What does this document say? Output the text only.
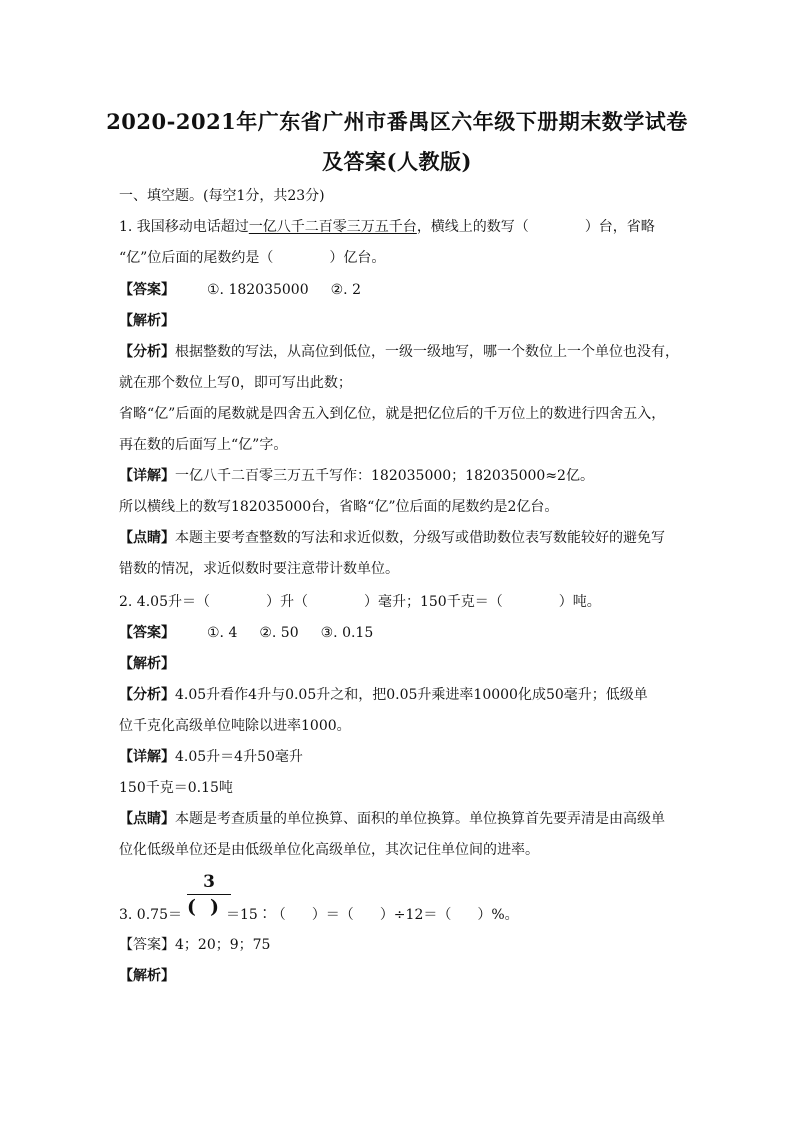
2020-2021年广东省广州市番禺区六年级下册期末数学试卷
及答案(人教版)
一、填空题。(每空1分，共23分)
1. 我国移动电话超过一亿八千二百零三万五千台，横线上的数写（	）台，省略
“亿”位后面的尾数约是（	）亿台。
【答案】 ①. 182035000 ②. 2
【解析】
【分析】根据整数的写法，从高位到低位，一级一级地写，哪一个数位上一个单位也没有，
就在那个数位上写0，即可写出此数；
省略“亿”后面的尾数就是四舍五入到亿位，就是把亿位后的千万位上的数进行四舍五入，
再在数的后面写上“亿”字。
【详解】一亿八千二百零三万五千写作：182035000；182035000≈2亿。
所以横线上的数写182035000台，省略“亿”位后面的尾数约是2亿台。
【点睛】本题主要考查整数的写法和求近似数，分级写或借助数位表写数能较好的避免写
错数的情况，求近似数时要注意带计数单位。
2. 4.05升＝（	）升（	）毫升；150千克＝（	）吨。
【答案】 ①. 4 ②. 50 ③. 0.15
【解析】
【分析】4.05升看作4升与0.05升之和，把0.05升乘进率10000化成50毫升；低级单
位千克化高级单位吨除以进率1000。
【详解】4.05升＝4升50毫升
150千克＝0.15吨
【点睛】本题是考查质量的单位换算、面积的单位换算。单位换算首先要弄清是由高级单
位化低级单位还是由低级单位化高级单位，其次记住单位间的进率。
3
()
3. 0.75＝	＝15∶（ ）＝（ ）÷12＝（ ）%。
【答案】4；20；9；75
【解析】
